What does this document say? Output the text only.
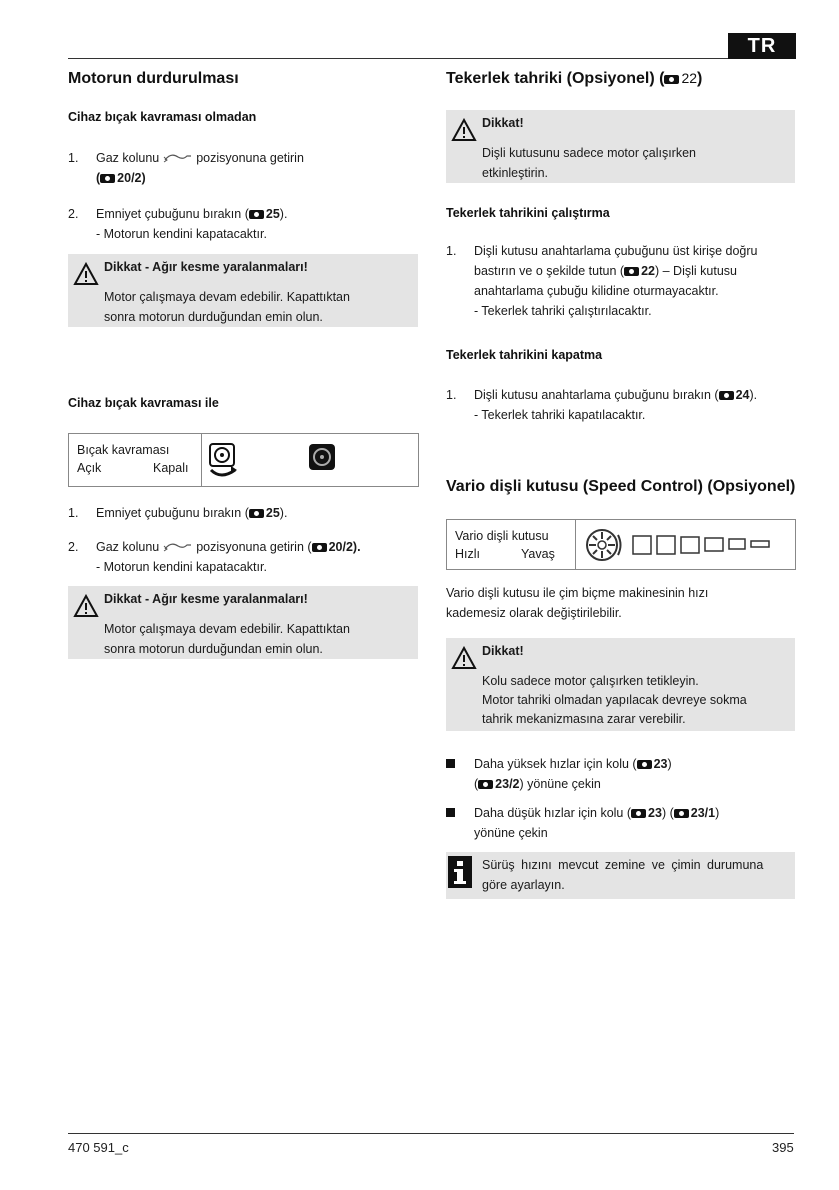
TR
Motorun durdurulması
Cihaz bıçak kavraması olmadan
1. Gaz kolunu	pozisyonuna getirin
( 20/2)
2. Emniyet çubuğunu bırakın ( 25).
- Motorun kendini kapatacaktır.
Dikkat - Ağır kesme yaralanmaları!
Motor çalışmaya devam edebilir. Kapattıktan
sonra motorun durduğundan emin olun.
Cihaz bıçak kavraması ile
Bıçak kavraması
Açık	Kapalı
1. Emniyet çubuğunu bırakın ( 25).
2. Gaz kolunu	pozisyonuna getirin ( 20/2).
- Motorun kendini kapatacaktır.
Dikkat - Ağır kesme yaralanmaları!
Motor çalışmaya devam edebilir. Kapattıktan
sonra motorun durduğundan emin olun.
Tekerlek tahriki (Opsiyonel) ( 22)
Dikkat!
Dişli kutusunu sadece motor çalışırken
etkinleştirin.
Tekerlek tahrikini çalıştırma
1. Dişli kutusu anahtarlama çubuğunu üst kirişe doğru
bastırın ve o şekilde tutun ( 22) – Dişli kutusu
anahtarlama çubuğu kilidine oturmayacaktır.
- Tekerlek tahriki çalıştırılacaktır.
Tekerlek tahrikini kapatma
1. Dişli kutusu anahtarlama çubuğunu bırakın ( 24).
- Tekerlek tahriki kapatılacaktır.
Vario dişli kutusu (Speed Control) (Opsiyonel)
Vario dişli kutusu
Hızlı	Yavaş
Vario dişli kutusu ile çim biçme makinesinin hızı
kademesiz olarak değiştirilebilir.
Dikkat!
Kolu sadece motor çalışırken tetikleyin.
Motor tahriki olmadan yapılacak devreye sokma
tahrik mekanizmasına zarar verebilir.
Daha yüksek hızlar için kolu ( 23)
( 23/2) yönüne çekin
Daha düşük hızlar için kolu ( 23) ( 23/1)
yönüne çekin
Sürüş hızını mevcut zemine ve çimin durumuna
göre ayarlayın.
470 591_c	395
